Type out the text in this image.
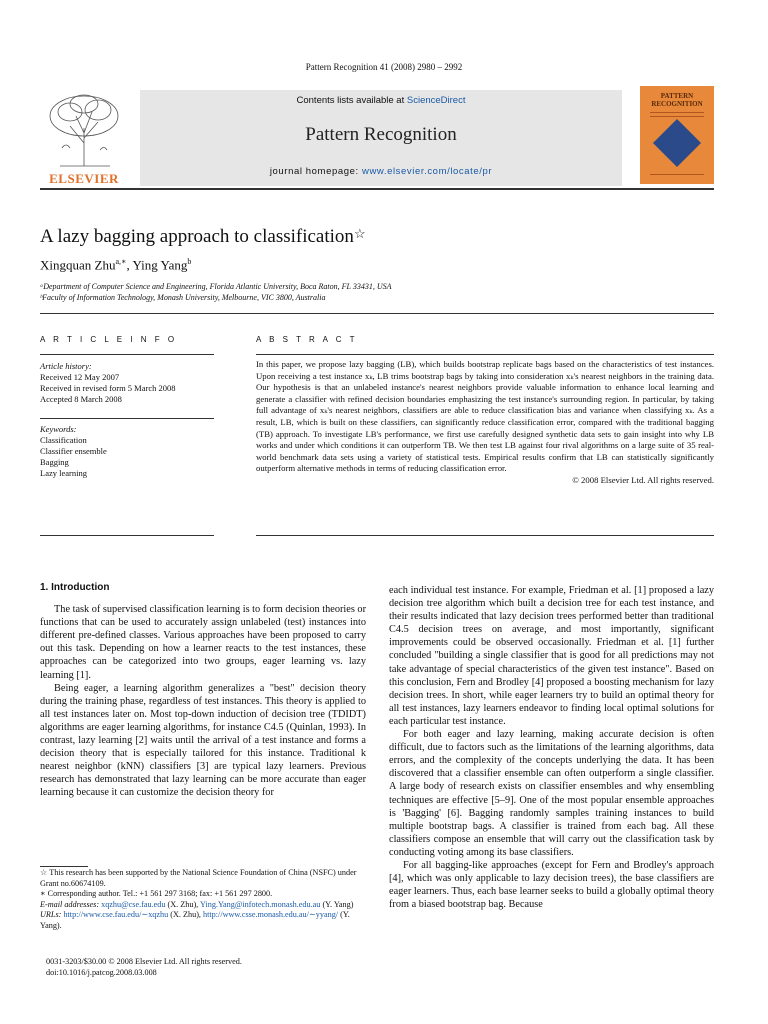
Pattern Recognition 41 (2008) 2980 – 2992
ELSEVIER
Contents lists available at ScienceDirect
Pattern Recognition
journal homepage: www.elsevier.com/locate/pr
PATTERN RECOGNITION
A lazy bagging approach to classification☆
Xingquan Zhu$^{a,∗}$, Ying Yang$^b$
ᵃDepartment of Computer Science and Engineering, Florida Atlantic University, Boca Raton, FL 33431, USA
ᵇFaculty of Information Technology, Monash University, Melbourne, VIC 3800, Australia
A R T I C L E I N F O	A B S T R A C T
Article history:
Received 12 May 2007
Received in revised form 5 March 2008
Accepted 8 March 2008
Keywords:
Classification
Classifier ensemble
Bagging
Lazy learning
In this paper, we propose lazy bagging (LB), which builds bootstrap replicate bags based on the characteristics of test instances. Upon receiving a test instance xₖ, LB trims bootstrap bags by taking into consideration xₖ's nearest neighbors in the training data. Our hypothesis is that an unlabeled instance's nearest neighbors provide valuable information to enhance local learning and generate a classifier with refined decision boundaries emphasizing the test instance's surrounding region. In particular, by taking full advantage of xₖ's nearest neighbors, classifiers are able to reduce classification bias and variance when classifying xₖ. As a result, LB, which is built on these classifiers, can significantly reduce classification error, compared with the traditional bagging (TB) approach. To investigate LB's performance, we first use carefully designed synthetic data sets to gain insight into why LB works and under which conditions it can outperform TB. We then test LB against four rival algorithms on a large suite of 35 real-world benchmark data sets using a variety of statistical tests. Empirical results confirm that LB can statistically significantly outperform alternative methods in terms of reducing classification error.
© 2008 Elsevier Ltd. All rights reserved.
1. Introduction

The task of supervised classification learning is to form decision theories or functions that can be used to accurately assign unlabeled (test) instances into different pre-defined classes. Various approaches have been proposed to carry out this task. Depending on how a learner reacts to the test instances, these approaches can be categorized into two groups, eager learning vs. lazy learning [1].

Being eager, a learning algorithm generalizes a "best" decision theory during the training phase, regardless of test instances. This theory is applied to all test instances later on. Most top-down induction of decision tree (TDIDT) algorithms are eager learning algorithms, for instance C4.5 (Quinlan, 1993). In contrast, lazy learning [2] waits until the arrival of a test instance and forms a decision theory that is especially tailored for this instance. Traditional k nearest neighbor (kNN) classifiers [3] are typical lazy learners. Previous research has demonstrated that lazy learning can be more accurate than eager learning because it can customize the decision theory for

each individual test instance. For example, Friedman et al. [1] proposed a lazy decision tree algorithm which built a decision tree for each test instance, and their results indicated that lazy decision trees performed better than traditional C4.5 decision trees on average, and most importantly, significant improvements could be observed occasionally. Friedman et al. [1] further concluded "building a single classifier that is good for all predictions may not take advantage of special characteristics of the given test instance". Based on this conclusion, Fern and Brodley [4] proposed a boosting mechanism for lazy decision trees. In short, while eager learners try to build an optimal theory for all test instances, lazy learners endeavor to finding local optimal solutions for each particular test instance.

For both eager and lazy learning, making accurate decision is often difficult, due to factors such as the limitations of the learning algorithms, data errors, and the complexity of the concepts underlying the data. It has been discovered that a classifier ensemble can often outperform a single classifier. A large body of research exists on classifier ensembles and why ensembling techniques are effective [5–9]. One of the most popular ensemble approaches is 'Bagging' [6]. Bagging randomly samples training instances to build multiple bootstrap bags. A classifier is trained from each bag. All these classifiers compose an ensemble that will carry out the classification task by conducting voting among its base classifiers.

For all bagging-like approaches (except for Fern and Brodley's approach [4], which was only applicable to lazy decision trees), the base classifiers are eager learners. Thus, each base learner seeks to build a globally optimal theory from a biased bootstrap bag. Because

☆ This research has been supported by the National Science Foundation of China (NSFC) under Grant no.60674109.
∗ Corresponding author. Tel.: +1 561 297 3168; fax: +1 561 297 2800.
E-mail addresses: xqzhu@cse.fau.edu (X. Zhu), Ying.Yang@infotech.monash.edu.au (Y. Yang)
URLs: http://www.cse.fau.edu/∼xqzhu (X. Zhu), http://www.csse.monash.edu.au/∼yyang/ (Y. Yang).
0031-3203/$30.00 © 2008 Elsevier Ltd. All rights reserved.
doi:10.1016/j.patcog.2008.03.008
